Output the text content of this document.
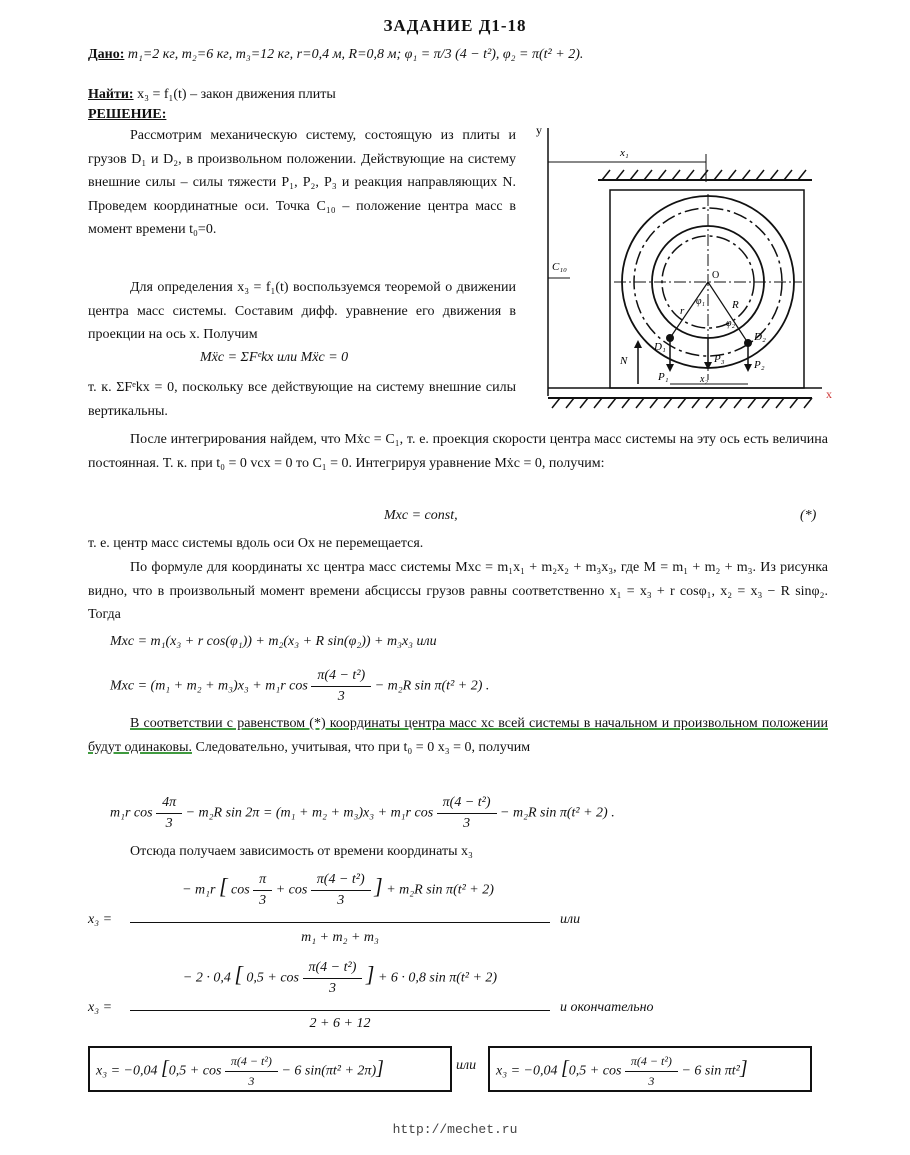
ЗАДАНИЕ Д1-18
Дано: m₁=2 кг, m₂=6 кг, m₃=12 кг, r=0,4 м, R=0,8 м; φ₁ = π/3 (4 − t²), φ₂ = π(t² + 2).
Найти: x₃ = f₁(t) – закон движения плиты
РЕШЕНИЕ:
Рассмотрим механическую систему, состоящую из плиты и грузов D₁ и D₂, в произвольном положении. Действующие на систему внешние силы – силы тяжести P₁, P₂, P₃ и реакция направляющих N. Проведем координатные оси. Точка C₁₀ – положение центра масс в момент времени t₀=0.
Для определения x₃ = f₁(t) воспользуемся теоремой о движении центра масс системы. Составим дифф. уравнение его движения в проекции на ось x. Получим
Mẍc = ΣFᵉkx или Mẍc = 0
т. к. ΣFᵉkx = 0, поскольку все действующие на систему внешние силы вертикальны.
После интегрирования найдем, что Mẋc = C₁, т. е. проекция скорости центра масс системы на эту ось есть величина постоянная. Т. к. при t₀ = 0 vcx = 0 то C₁ = 0. Интегрируя уравнение Mẋc = 0, получим:
Mxc = const,	(*)
т. е. центр масс системы вдоль оси Ox не перемещается.
По формуле для координаты xc центра масс системы Mxc = m₁x₁ + m₂x₂ + m₃x₃, где M = m₁ + m₂ + m₃. Из рисунка видно, что в произвольный момент времени абсциссы грузов равны соответственно x₁ = x₃ + r cosφ₁, x₂ = x₃ − R sinφ₂. Тогда
Mxc = m₁(x₃ + r cos(φ₁)) + m₂(x₃ + R sin(φ₂)) + m₃x₃ или
Mxc = (m₁ + m₂ + m₃)x₃ + m₁r $\cos \frac{\text{π(4 − t²)}}{3} - m_2R$ sin π(t² + 2) .
В соответствии с равенством (*) координаты центра масс xc всей системы в начальном и произвольном положении будут одинаковы. Следовательно, учитывая, что при t₀ = 0 x₃ = 0, получим
m₁r $\cos \frac{4\pi}{3} - m_2R$ sin 2π = (m₁ + m₂ + m₃)x₃ + m₁r $\cos \frac{\text{π(4 − t²)}}{3} - m_2R$ sin π(t² + 2) .
Отсюда получаем зависимость от времени координаты x₃
x₃ =
− m₁r [ $\cos \frac{\pi}{3} + \cos \frac{\text{π(4 − t²)}}{3}$ ] + m₂R sin π(t² + 2)
m₁ + m₂ + m₃
или
x₃ =
− 2 · 0,4 [ $0,5 + \cos \frac{\text{π(4 − t²)}}{3}$ ] + 6 · 0,8 sin π(t² + 2)
2 + 6 + 12
и окончательно
x₃ = −0,04 [$0,5 + \cos \frac{\text{π(4 − t²)}}{3} - 6$ sin(πt² + 2π)]	или x₃ = −0,04 [$0,5 + \cos \frac{\text{π(4 − t²)}}{3} - 6$ sin πt²]
http://mechet.ru
y
x
x₁
C₁₀
O
r	R
φ₁
φ₂
D₁
D₂
P₁
P₂
P₃
N
x₂
